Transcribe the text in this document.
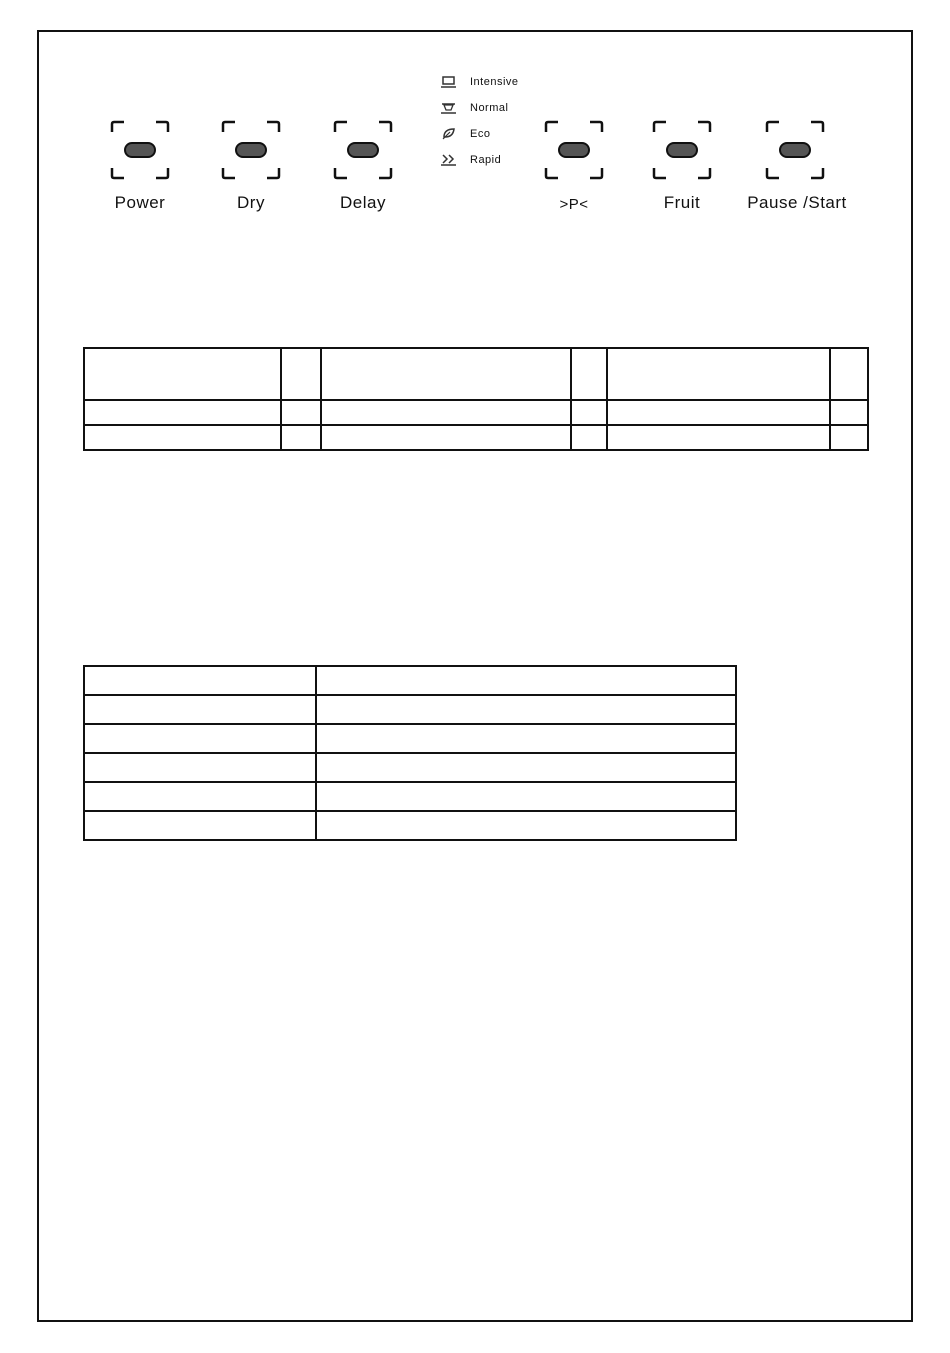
Power	Dry	Delay	>P<	Fruit	Pause /Start
Intensive
Normal
Eco
Rapid
